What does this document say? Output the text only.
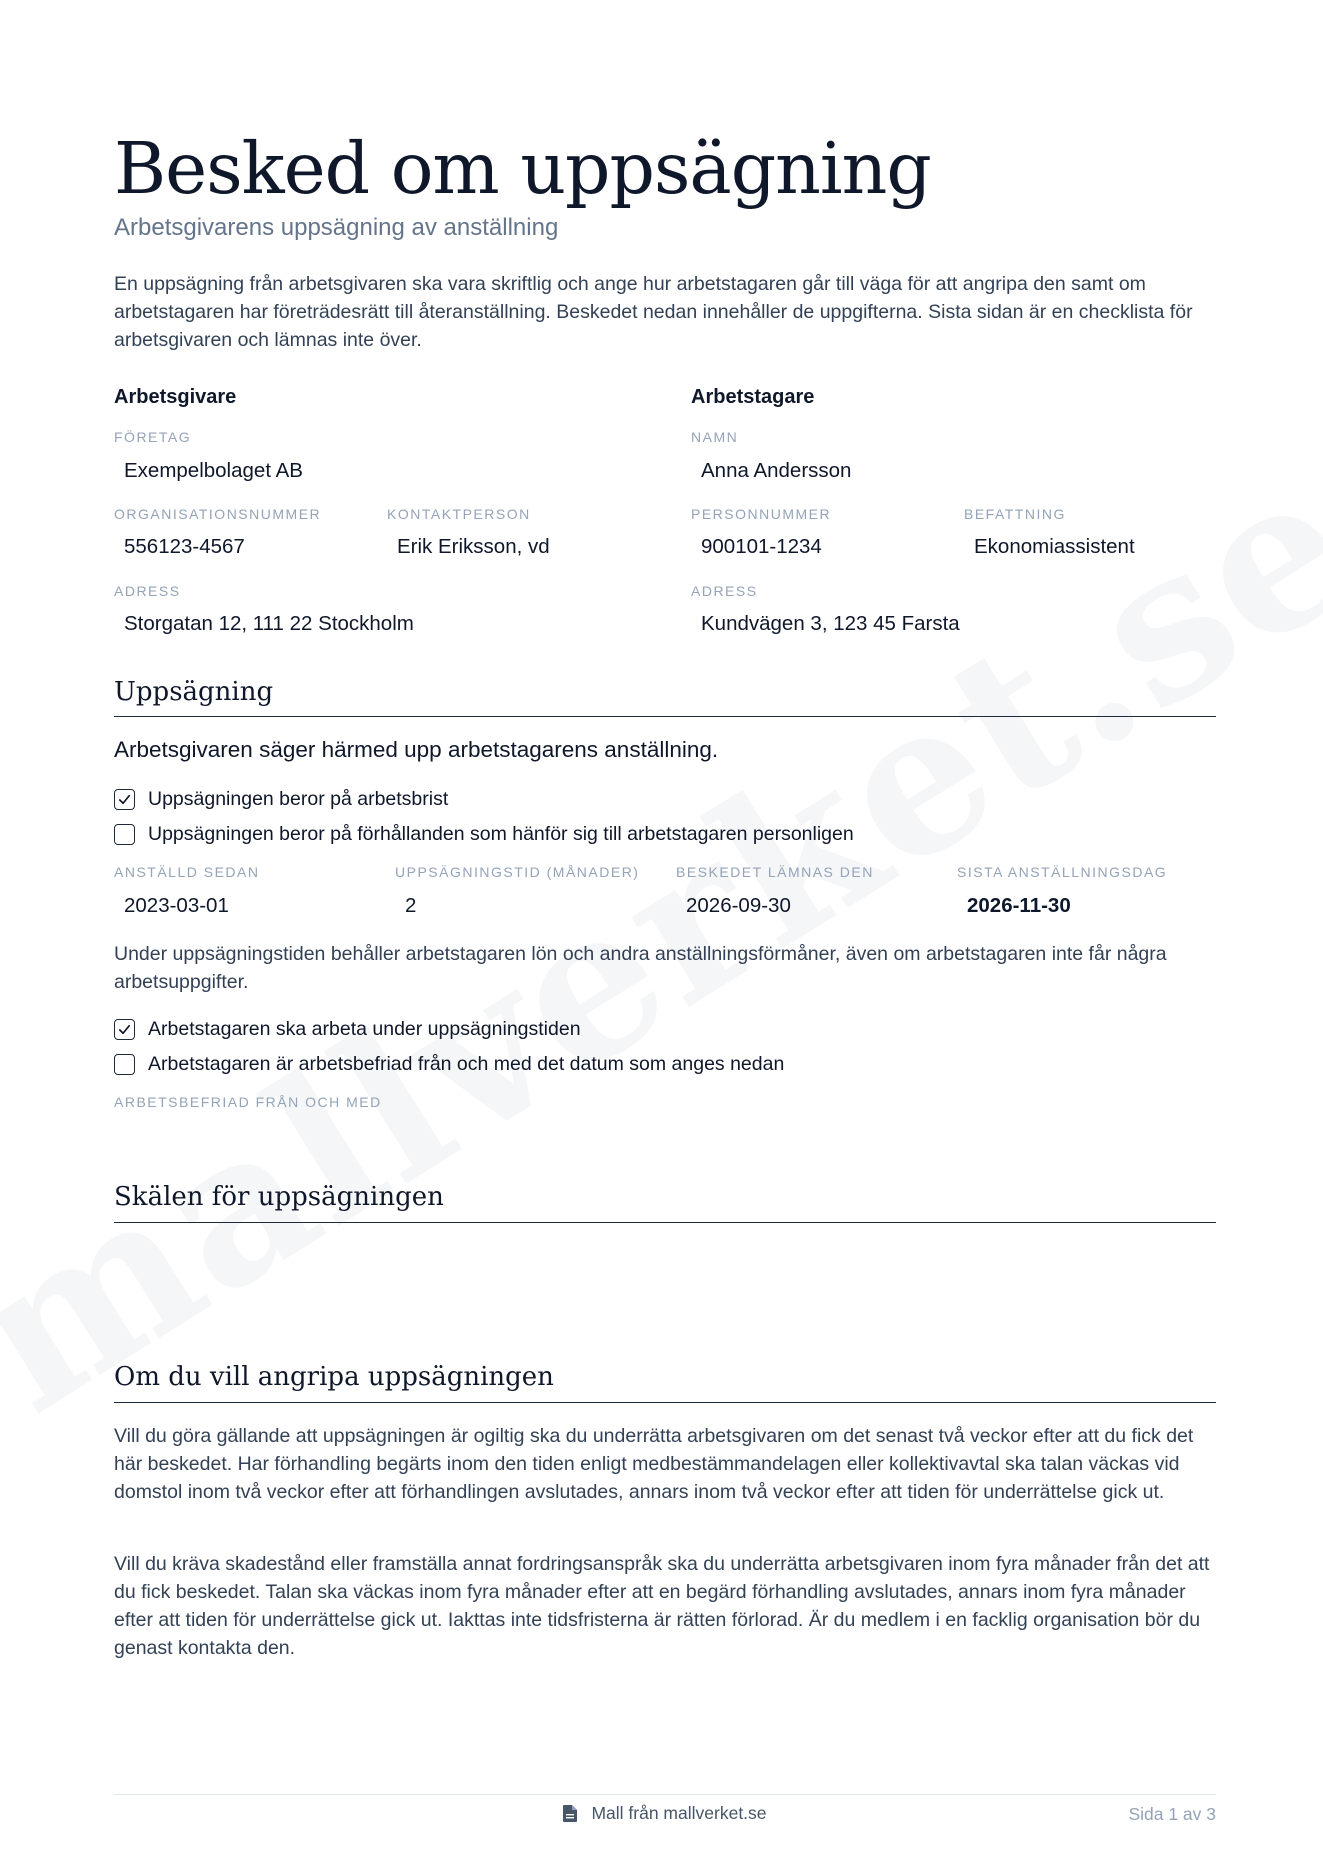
Besked om uppsägning
Arbetsgivarens uppsägning av anställning

En uppsägning från arbetsgivaren ska vara skriftlig och ange hur arbetstagaren går till väga för att angripa den samt om arbetstagaren har företrädesrätt till återanställning. Beskedet nedan innehåller de uppgifterna. Sista sidan är en checklista för arbetsgivaren och lämnas inte över.

Arbetsgivare
FÖRETAG
Exempelbolaget AB
ORGANISATIONSNUMMER
556123-4567
KONTAKTPERSON
Erik Eriksson, vd
ADRESS
Storgatan 12, 111 22 Stockholm
Arbetstagare
NAMN
Anna Andersson
PERSONNUMMER
900101-1234
BEFATTNING
Ekonomiassistent
ADRESS
Kundvägen 3, 123 45 Farsta
Uppsägning
Arbetsgivaren säger härmed upp arbetstagarens anställning.
Uppsägningen beror på arbetsbrist
Uppsägningen beror på förhållanden som hänför sig till arbetstagaren personligen
ANSTÄLLD SEDAN
2023-03-01
UPPSÄGNINGSTID (MÅNADER)
2
BESKEDET LÄMNAS DEN
2026-09-30
SISTA ANSTÄLLNINGSDAG
2026-11-30

Under uppsägningstiden behåller arbetstagaren lön och andra anställningsförmåner, även om arbetstagaren inte får några arbetsuppgifter.

Arbetstagaren ska arbeta under uppsägningstiden
Arbetstagaren är arbetsbefriad från och med det datum som anges nedan
ARBETSBEFRIAD FRÅN OCH MED
Skälen för uppsägningen

Om du vill angripa uppsägningen

Vill du göra gällande att uppsägningen är ogiltig ska du underrätta arbetsgivaren om det senast två veckor efter att du fick det här beskedet. Har förhandling begärts inom den tiden enligt medbestämmandelagen eller kollektivavtal ska talan väckas vid domstol inom två veckor efter att förhandlingen avslutades, annars inom två veckor efter att tiden för underrättelse gick ut.

Vill du kräva skadestånd eller framställa annat fordringsanspråk ska du underrätta arbetsgivaren inom fyra månader från det att du fick beskedet. Talan ska väckas inom fyra månader efter att en begärd förhandling avslutades, annars inom fyra månader efter att tiden för underrättelse gick ut. Iakttas inte tidsfristerna är rätten förlorad. Är du medlem i en facklig organisation bör du genast kontakta den.

Mall från mallverket.se	Sida 1 av 3
